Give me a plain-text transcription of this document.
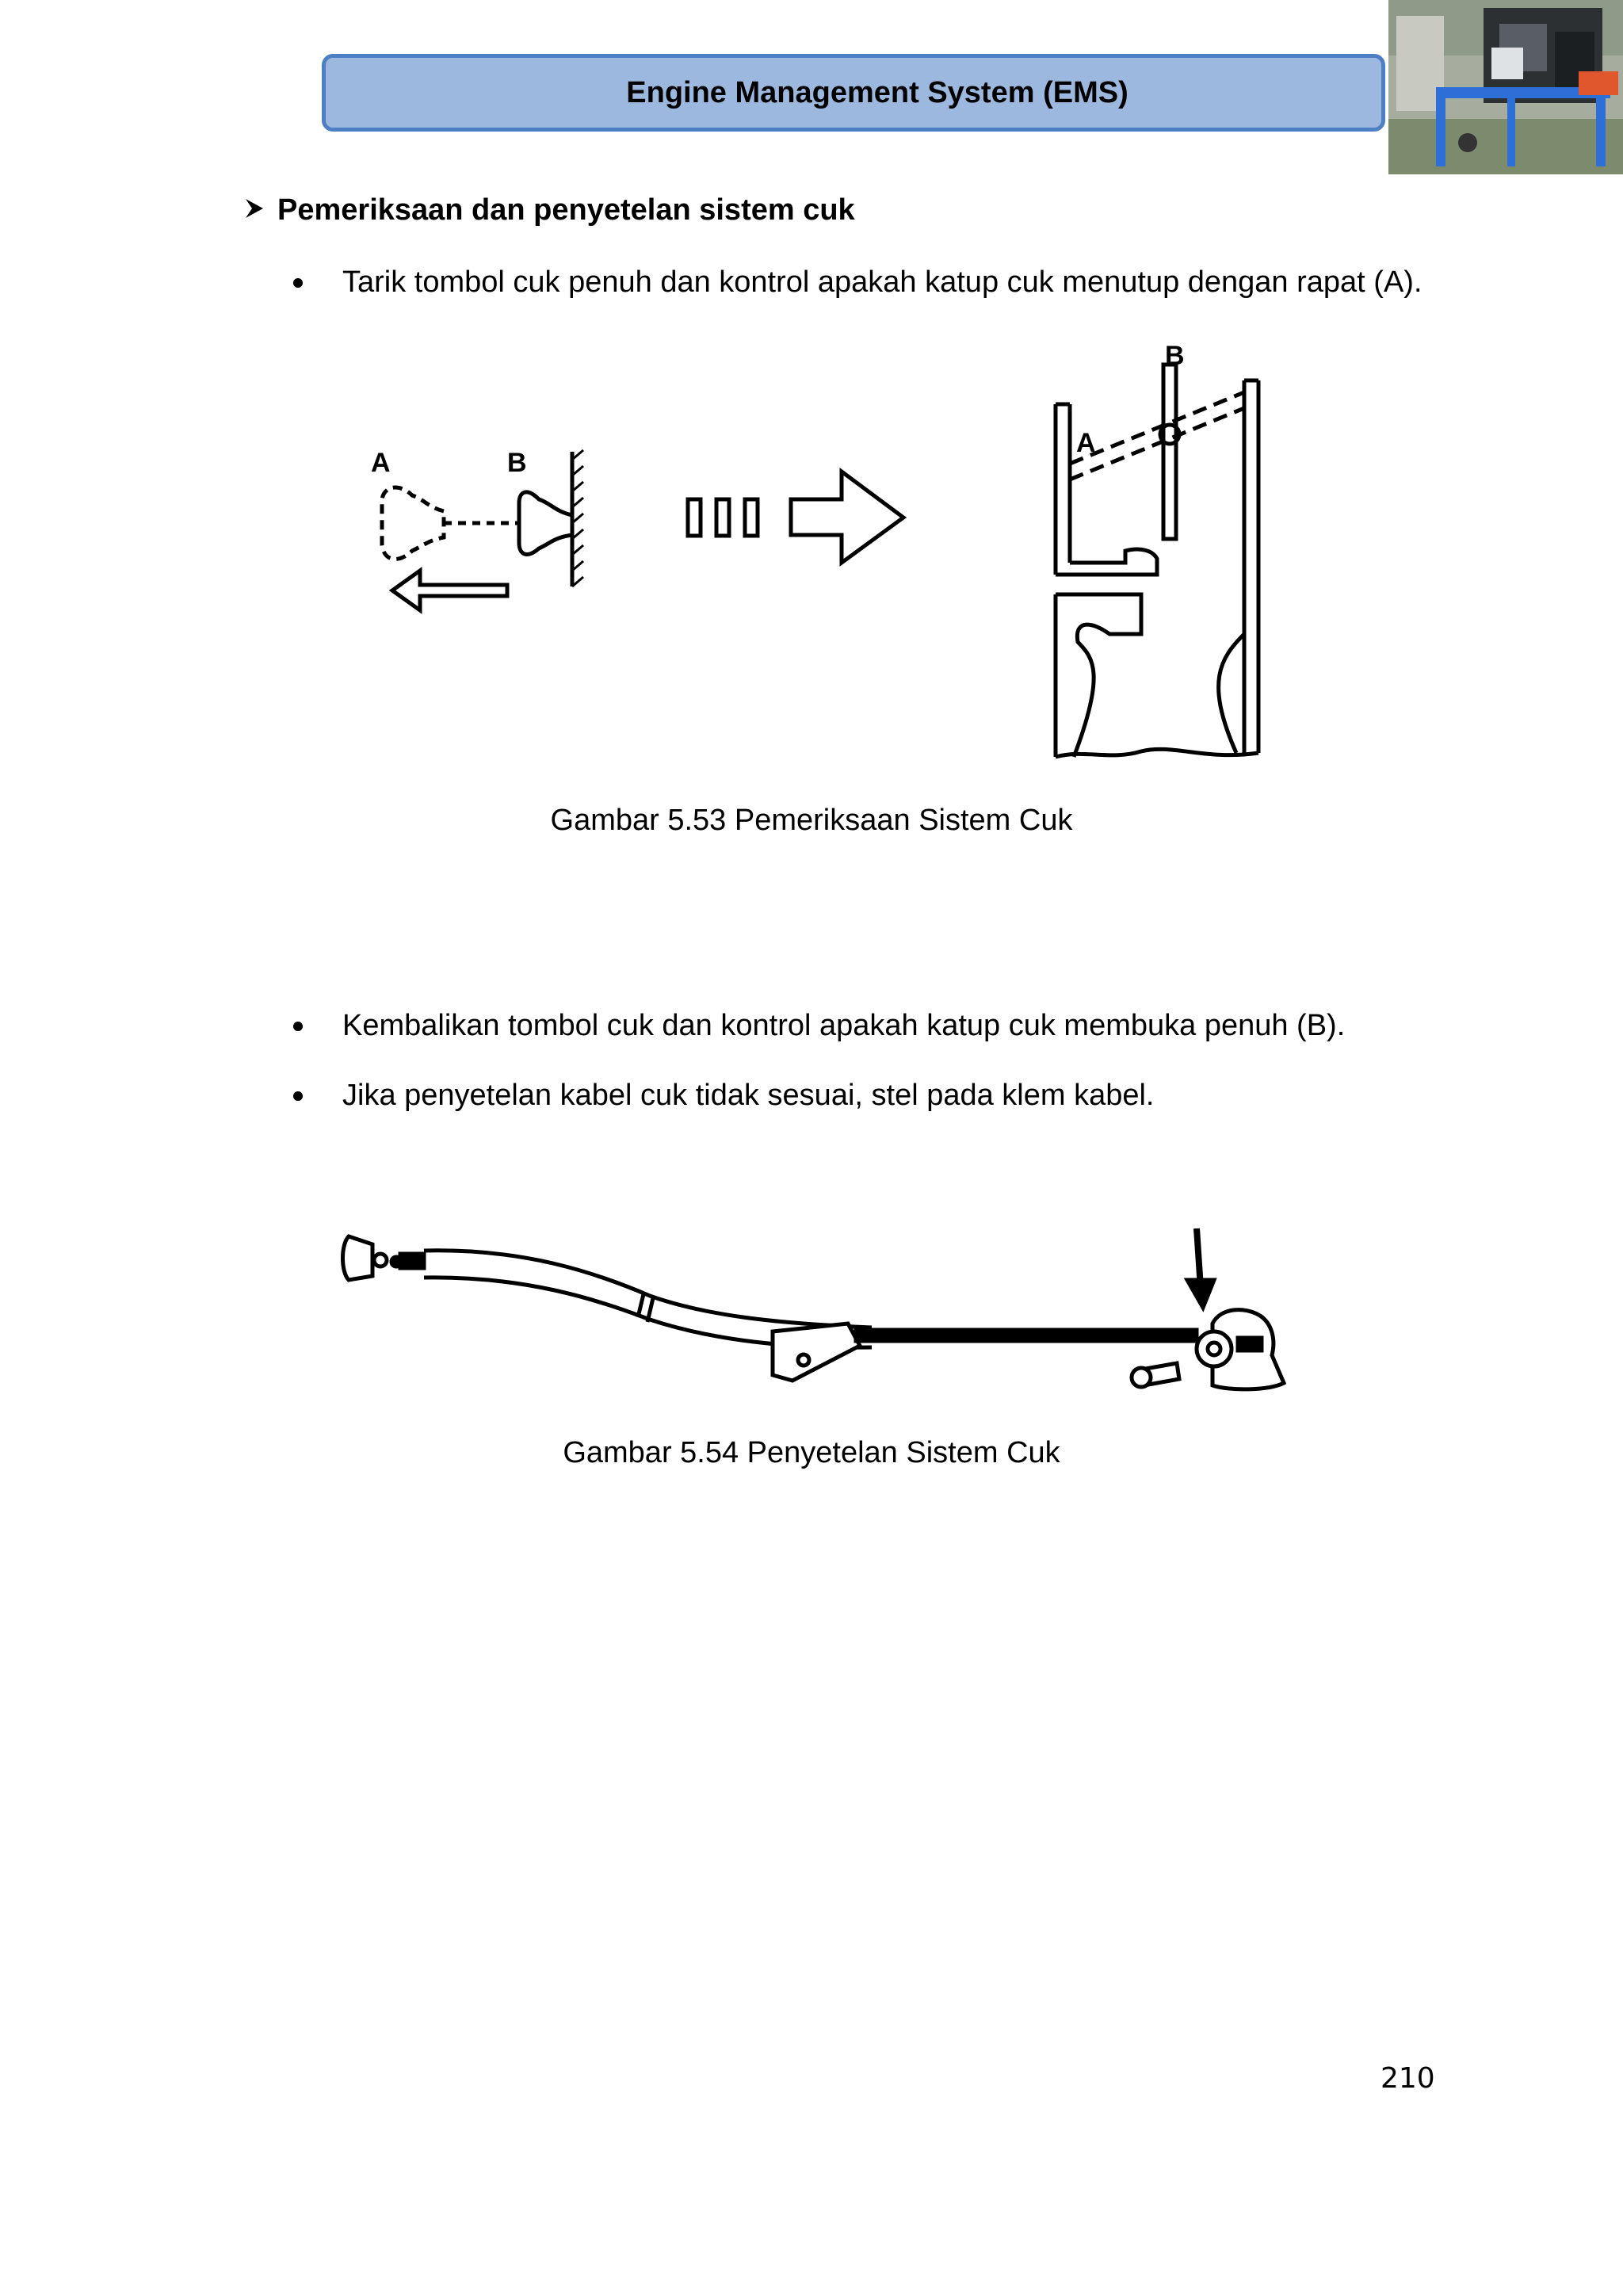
Engine Management System (EMS)
Pemeriksaan dan penyetelan sistem cuk
Tarik tombol cuk penuh dan kontrol apakah katup cuk menutup dengan rapat (A).
A	B
B
A
Gambar 5.53 Pemeriksaan Sistem Cuk
Kembalikan tombol cuk dan kontrol apakah katup cuk membuka penuh (B).
Jika penyetelan kabel cuk tidak sesuai, stel pada klem kabel.
Gambar 5.54 Penyetelan Sistem Cuk
210
